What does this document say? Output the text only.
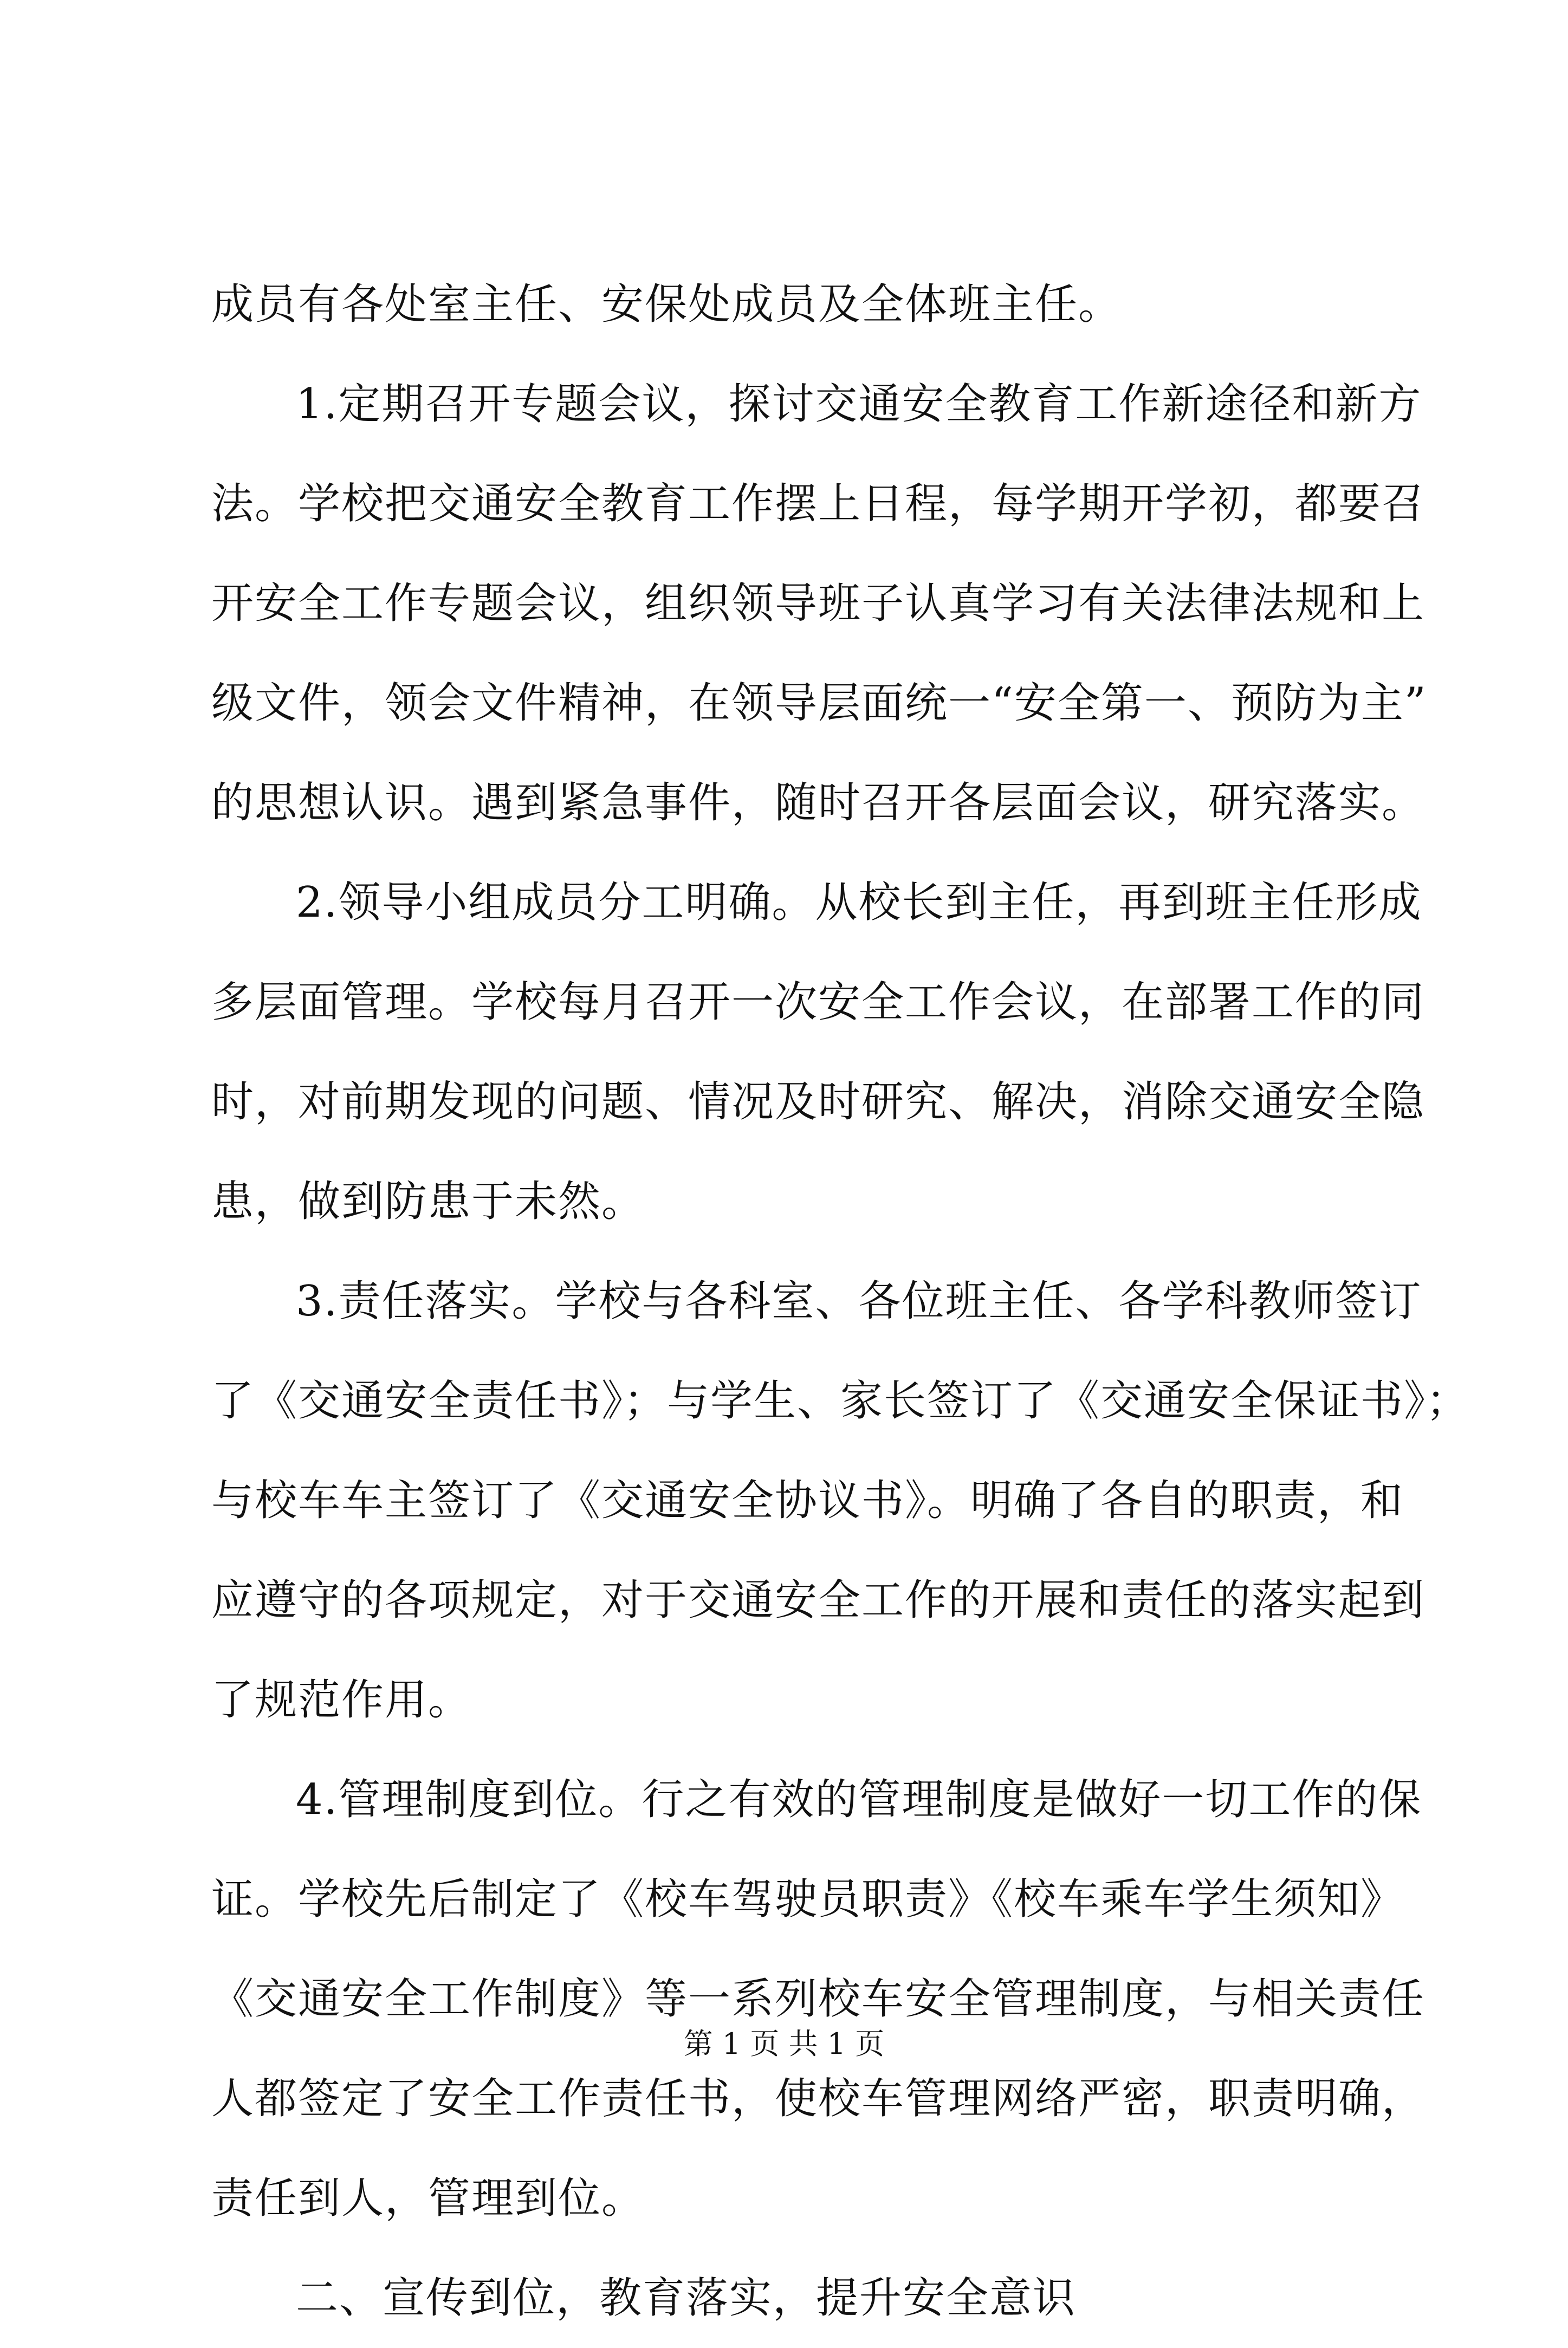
成员有各处室主任、安保处成员及全体班主任。
1.定期召开专题会议，探讨交通安全教育工作新途径和新方
法。学校把交通安全教育工作摆上日程，每学期开学初，都要召
开安全工作专题会议，组织领导班子认真学习有关法律法规和上
级文件，领会文件精神，在领导层面统一“安全第一、预防为主”
的思想认识。遇到紧急事件，随时召开各层面会议，研究落实。
2.领导小组成员分工明确。从校长到主任，再到班主任形成
多层面管理。学校每月召开一次安全工作会议，在部署工作的同
时，对前期发现的问题、情况及时研究、解决，消除交通安全隐
患，做到防患于未然。
3.责任落实。学校与各科室、各位班主任、各学科教师签订
了《交通安全责任书》；与学生、家长签订了《交通安全保证书》；
与校车车主签订了《交通安全协议书》。明确了各自的职责，和
应遵守的各项规定，对于交通安全工作的开展和责任的落实起到
了规范作用。
4.管理制度到位。行之有效的管理制度是做好一切工作的保
证。学校先后制定了《校车驾驶员职责》《校车乘车学生须知》
《交通安全工作制度》等一系列校车安全管理制度，与相关责任
人都签定了安全工作责任书，使校车管理网络严密，职责明确，
责任到人，管理到位。
二、宣传到位，教育落实，提升安全意识
第 1 页 共 1 页
